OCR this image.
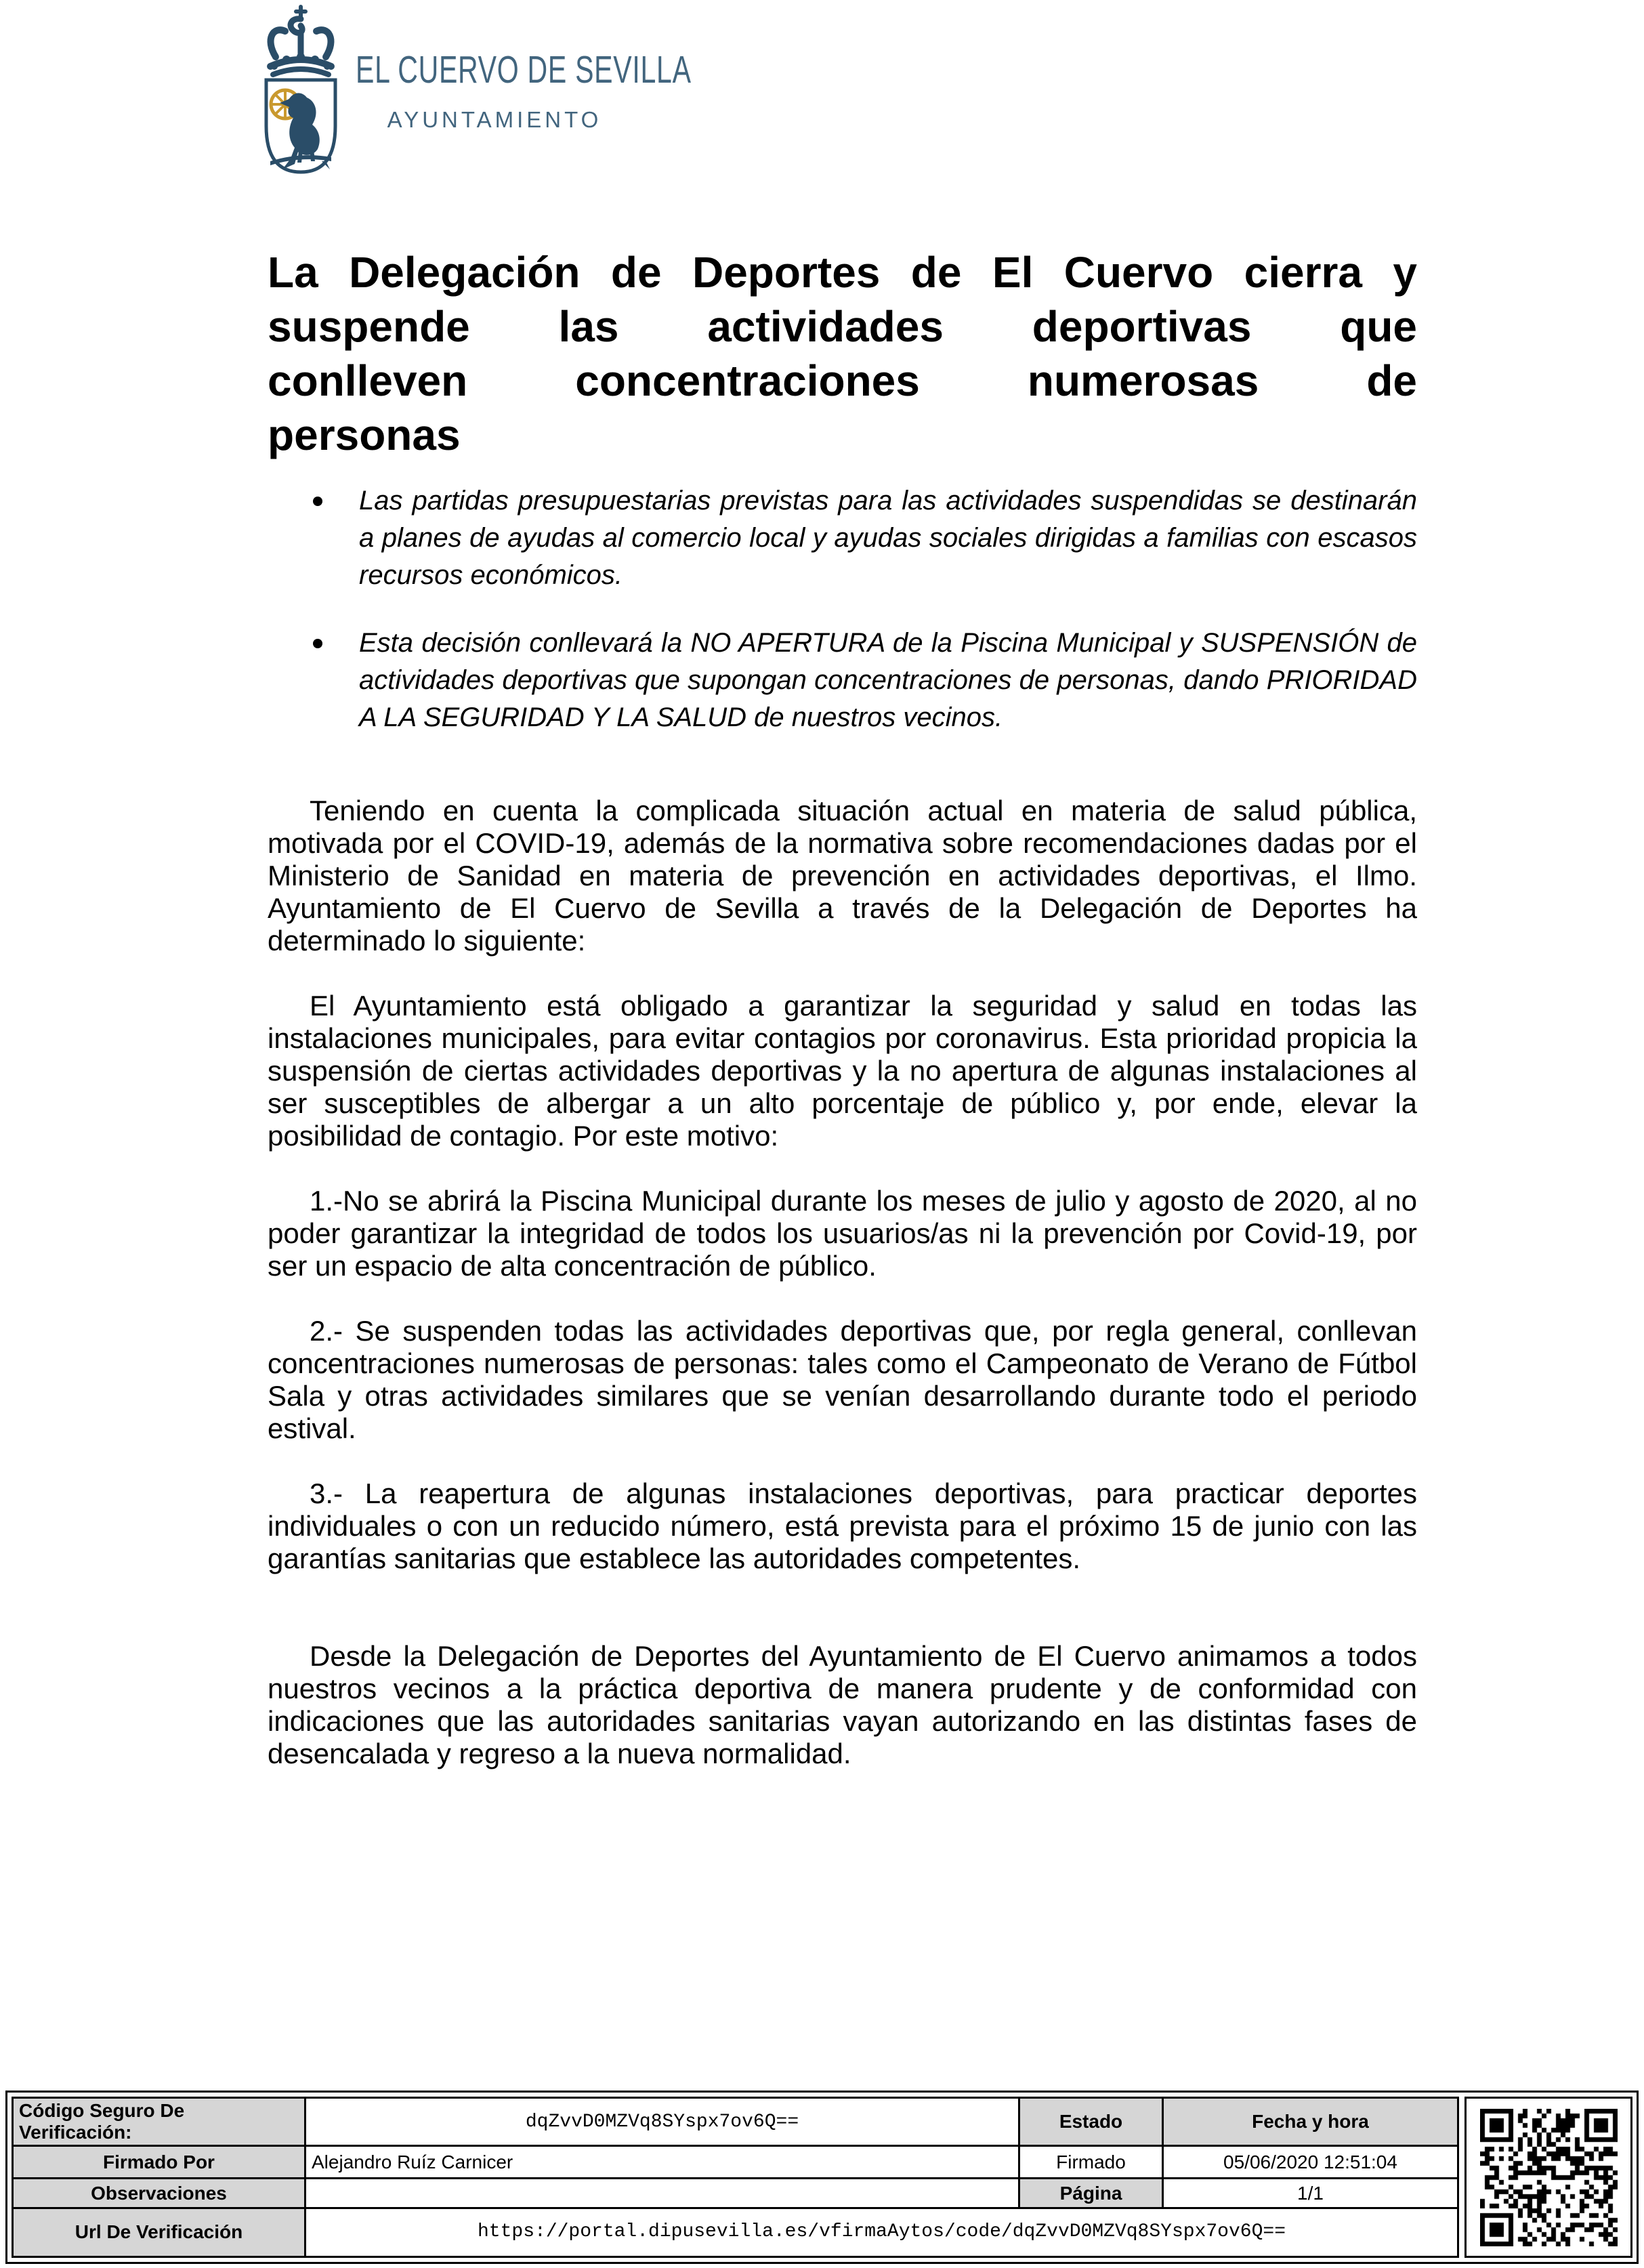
EL CUERVO DE SEVILLA
AYUNTAMIENTO
La Delegación de Deportes de El Cuervo cierra y
suspende las actividades deportivas que
conlleven concentraciones numerosas de
personas
Las partidas presupuestarias previstas para las actividades suspendidas se destinarán a planes de ayudas al comercio local y ayudas sociales dirigidas a familias con escasos recursos económicos.
Esta decisión conllevará la NO APERTURA de la Piscina Municipal y SUSPENSIÓN de actividades deportivas que supongan concentraciones de personas, dando PRIORIDAD A LA SEGURIDAD Y LA SALUD de nuestros vecinos.

Teniendo en cuenta la complicada situación actual en materia de salud pública, motivada por el COVID-19, además de la normativa sobre recomendaciones dadas por el Ministerio de Sanidad en materia de prevención en actividades deportivas, el Ilmo. Ayuntamiento de El Cuervo de Sevilla a través de la Delegación de Deportes ha determinado lo siguiente:

El Ayuntamiento está obligado a garantizar la seguridad y salud en todas las instalaciones municipales, para evitar contagios por coronavirus. Esta prioridad propicia la suspensión de ciertas actividades deportivas y la no apertura de algunas instalaciones al ser susceptibles de albergar a un alto porcentaje de público y, por ende, elevar la posibilidad de contagio. Por este motivo:

1.-No se abrirá la Piscina Municipal durante los meses de julio y agosto de 2020, al no poder garantizar la integridad de todos los usuarios/as ni la prevención por Covid-19, por ser un espacio de alta concentración de público.

2.- Se suspenden todas las actividades deportivas que, por regla general, conllevan concentraciones numerosas de personas: tales como el Campeonato de Verano de Fútbol Sala y otras actividades similares que se venían desarrollando durante todo el periodo estival.

3.- La reapertura de algunas instalaciones deportivas, para practicar deportes individuales o con un reducido número, está prevista para el próximo 15 de junio con las garantías sanitarias que establece las autoridades competentes.

Desde la Delegación de Deportes del Ayuntamiento de El Cuervo animamos a todos nuestros vecinos a la práctica deportiva de manera prudente y de conformidad con indicaciones que las autoridades sanitarias vayan autorizando en las distintas fases de desencalada y regreso a la nueva normalidad.

Código Seguro De Verificación:	dqZvvD0MZVq8SYspx7ov6Q==	Estado	Fecha y hora
Firmado Por	Alejandro Ruíz Carnicer	Firmado	05/06/2020 12:51:04
Observaciones		Página	1/1
Url De Verificación	https://portal.dipusevilla.es/vfirmaAytos/code/dqZvvD0MZVq8SYspx7ov6Q==		
